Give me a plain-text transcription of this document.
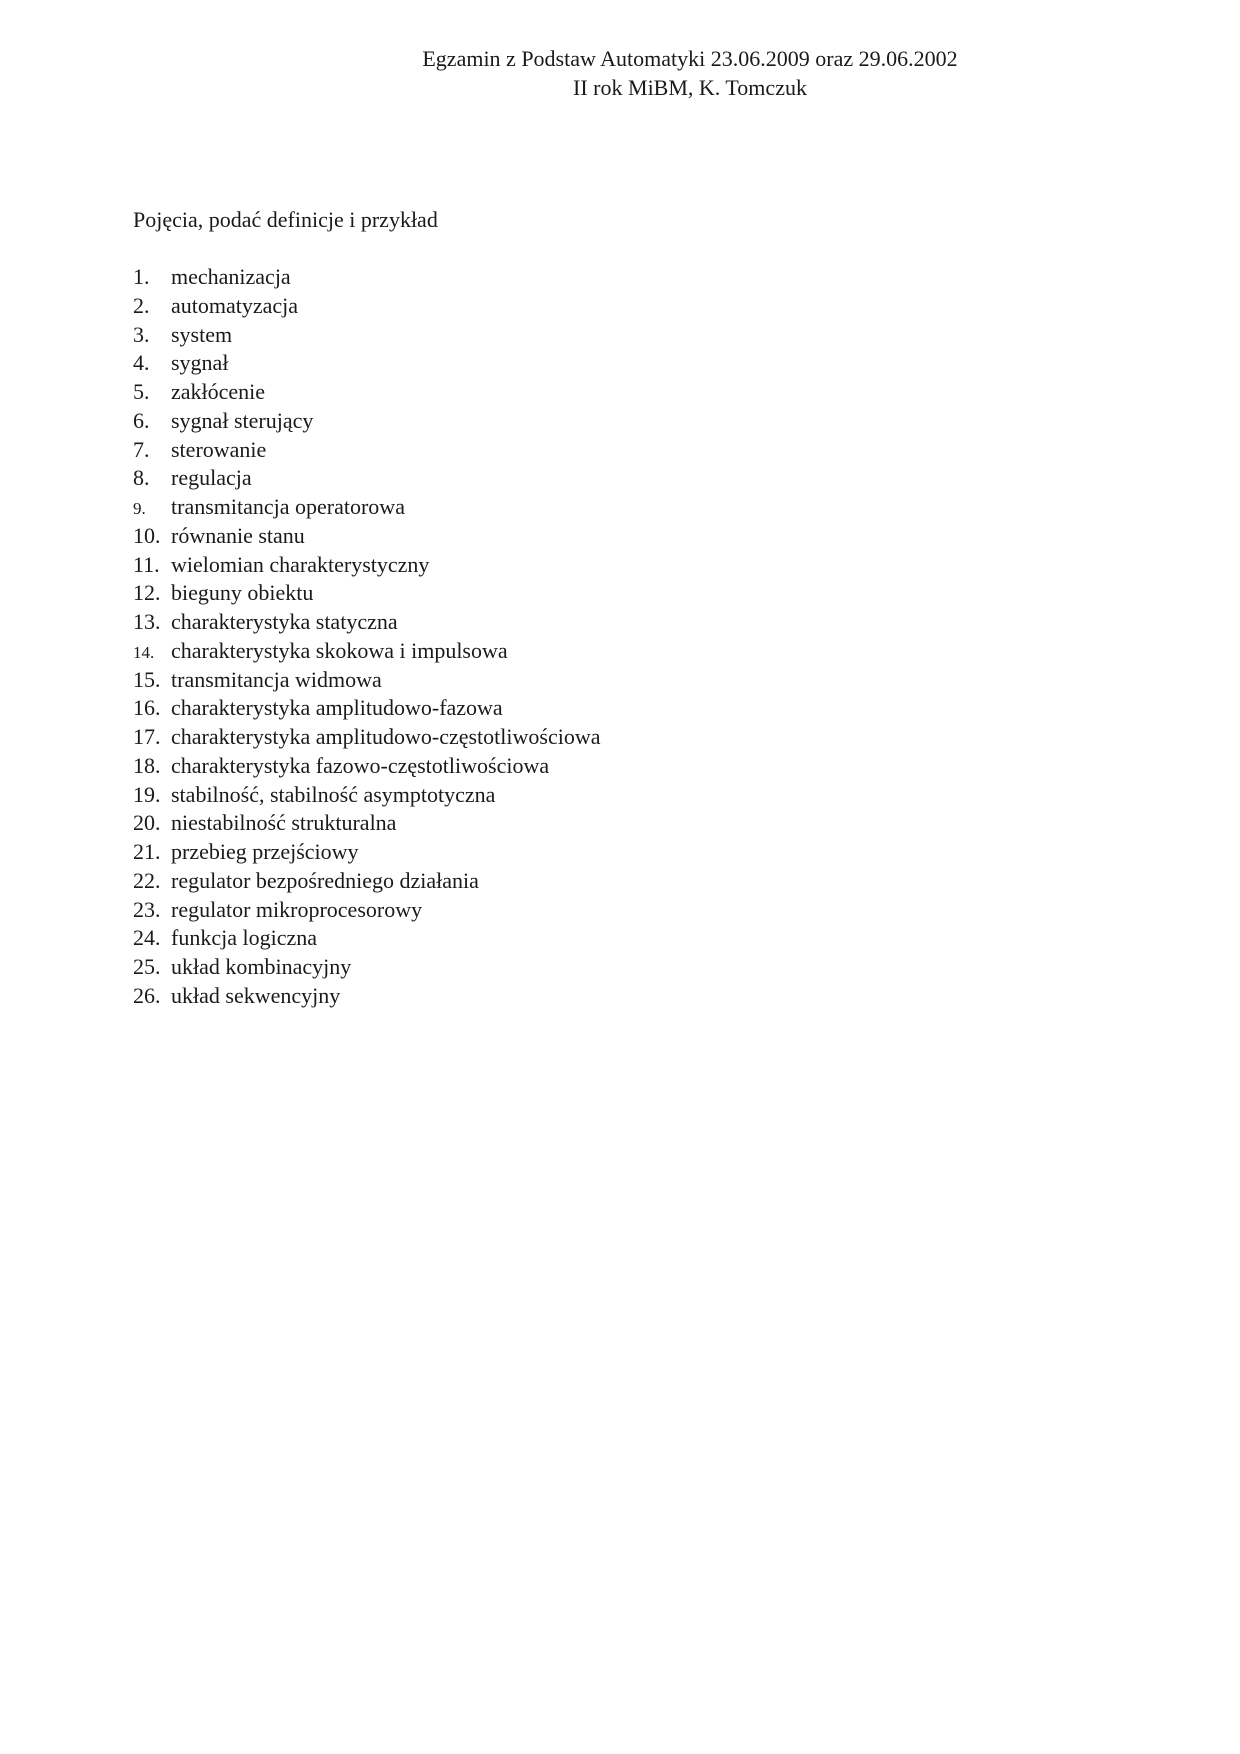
Egzamin z Podstaw Automatyki 23.06.2009 oraz 29.06.2002
II rok MiBM, K. Tomczuk

Pojęcia, podać definicje i przykład

1. mechanizacja
2. automatyzacja
3. system
4. sygnał
5. zakłócenie
6. sygnał sterujący
7. sterowanie
8. regulacja
9. transmitancja operatorowa
10. równanie stanu
11. wielomian charakterystyczny
12. bieguny obiektu
13. charakterystyka statyczna
14. charakterystyka skokowa i impulsowa
15. transmitancja widmowa
16. charakterystyka amplitudowo-fazowa
17. charakterystyka amplitudowo-częstotliwościowa
18. charakterystyka fazowo-częstotliwościowa
19. stabilność, stabilność asymptotyczna
20. niestabilność strukturalna
21. przebieg przejściowy
22. regulator bezpośredniego działania
23. regulator mikroprocesorowy
24. funkcja logiczna
25. układ kombinacyjny
26. układ sekwencyjny
